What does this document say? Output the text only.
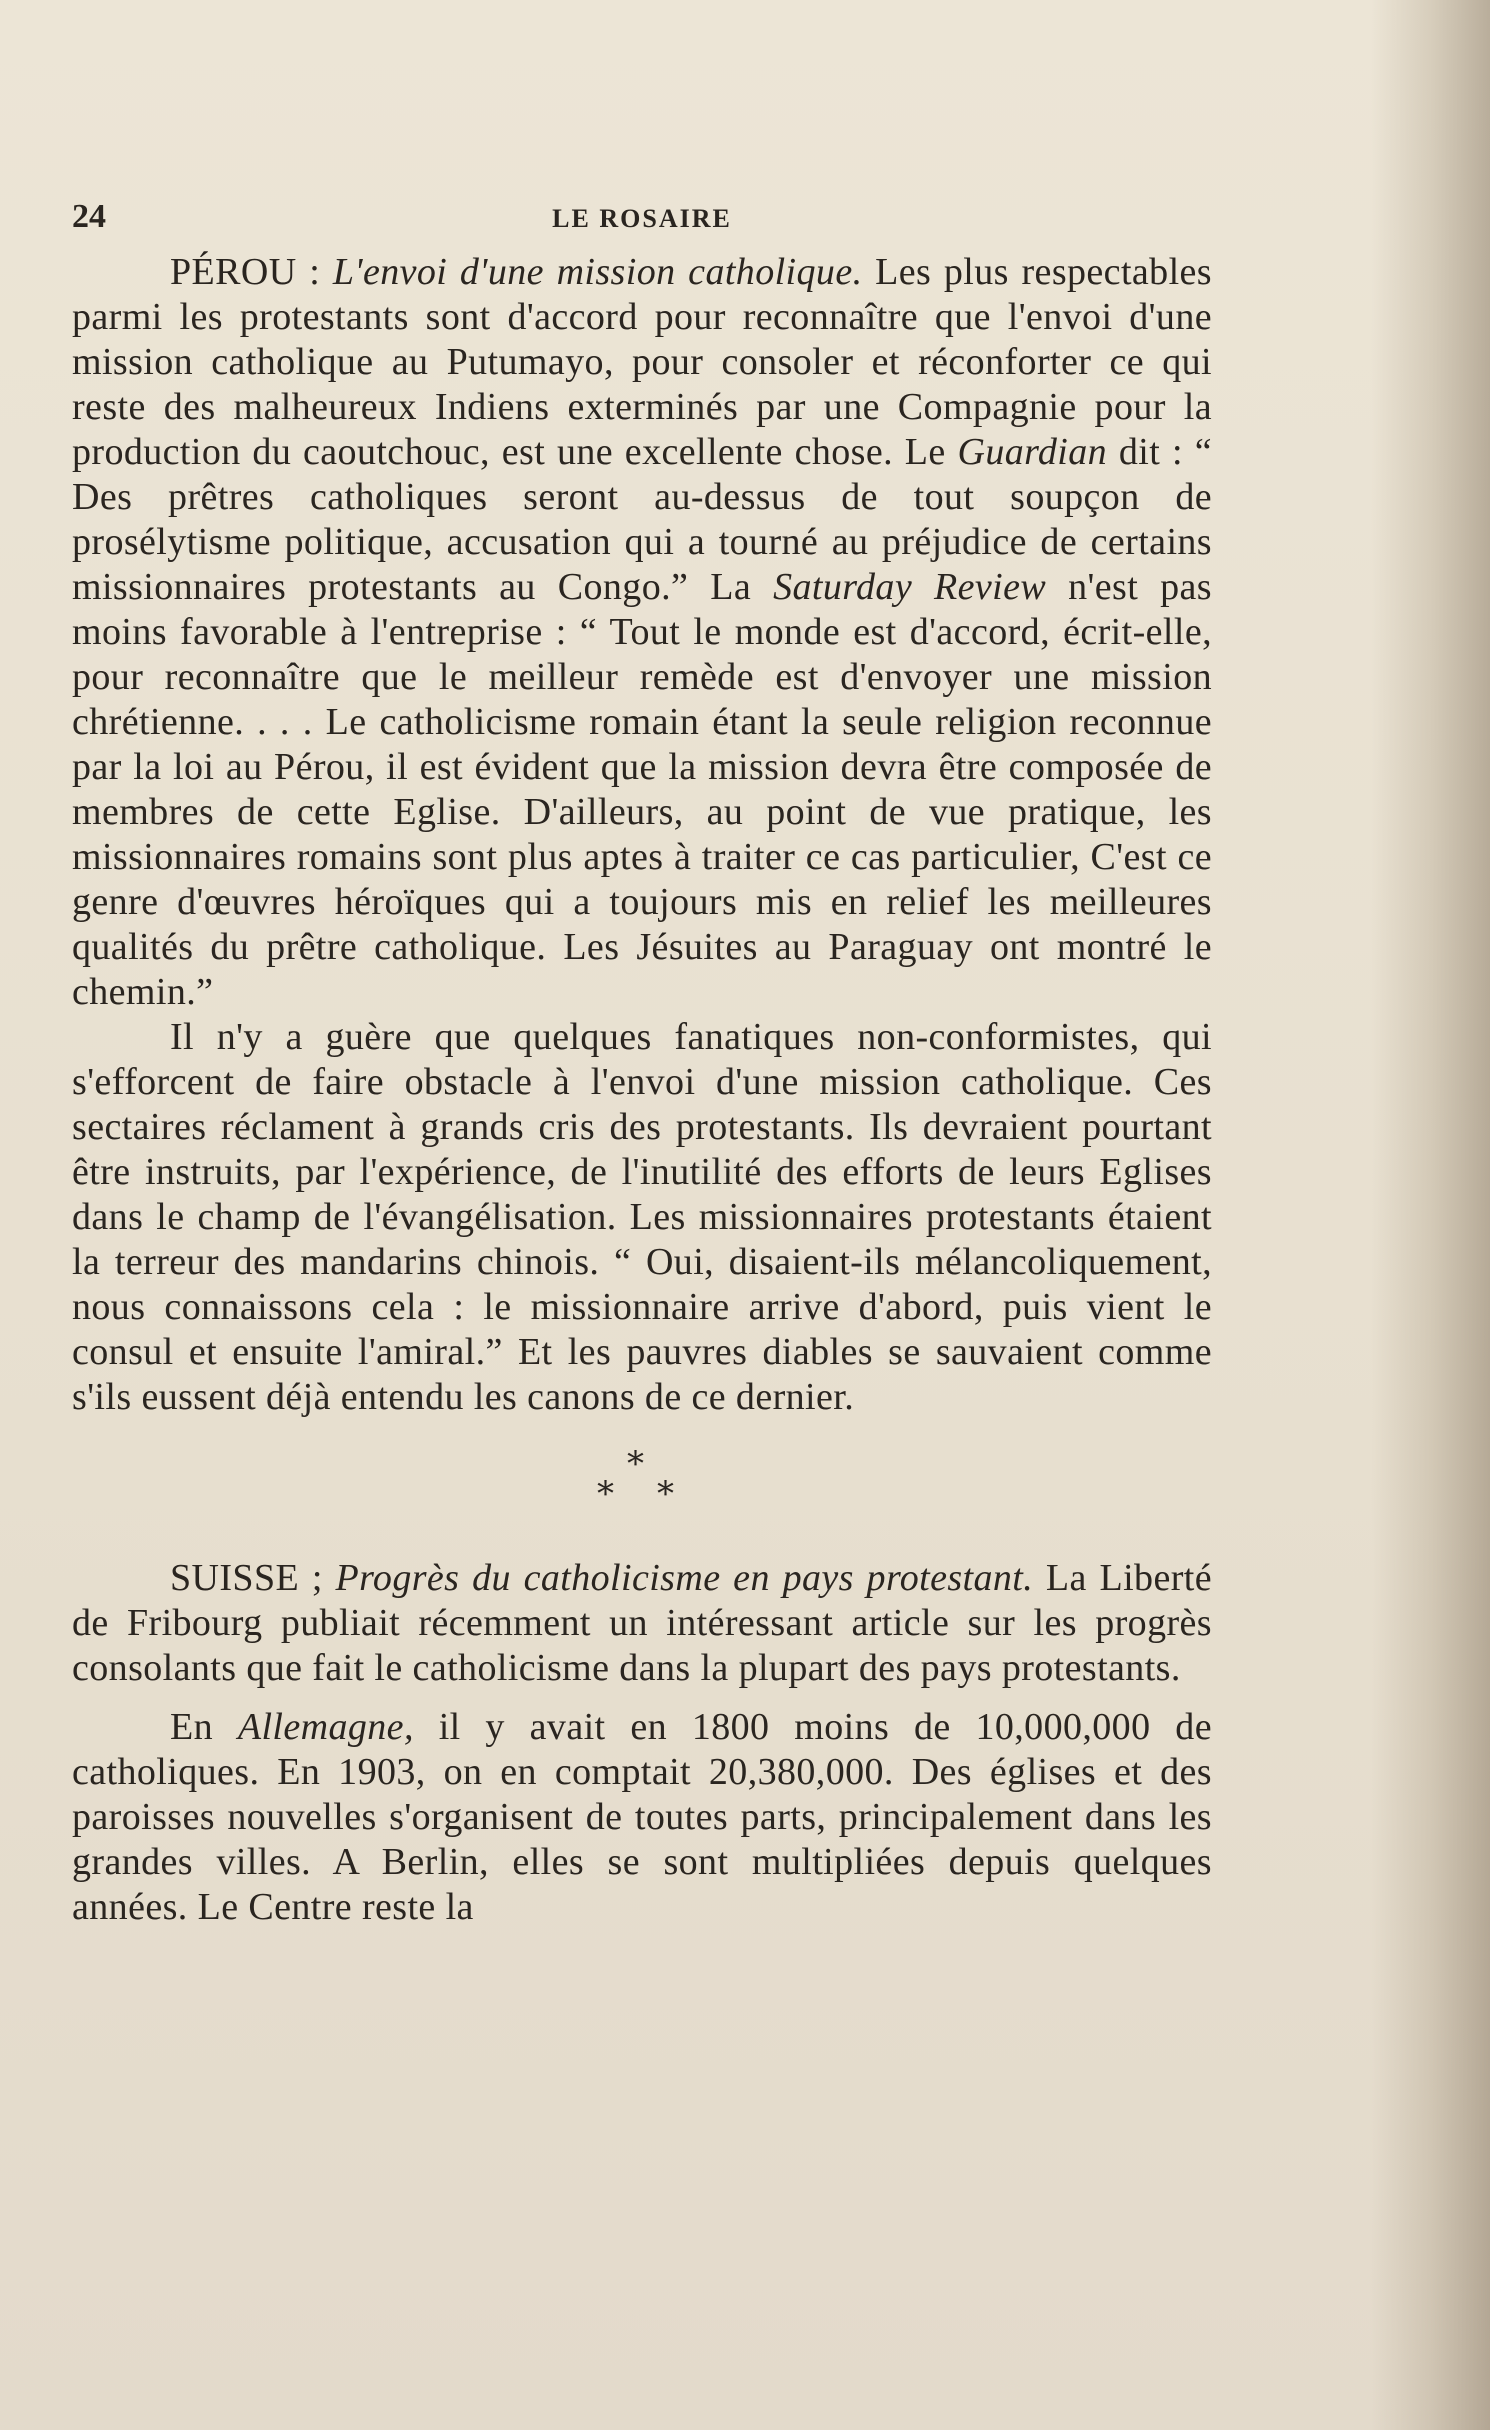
24	LE ROSAIRE

PÉROU : L'envoi d'une mission catholique. Les plus respectables parmi les protestants sont d'accord pour reconnaître que l'envoi d'une mission catholique au Putumayo, pour consoler et réconforter ce qui reste des malheureux Indiens exterminés par une Compagnie pour la production du caoutchouc, est une excellente chose. Le Guardian dit : “ Des prêtres catholiques seront au-dessus de tout soupçon de prosélytisme politique, accusation qui a tourné au préjudice de certains missionnaires protestants au Congo.” La Saturday Review n'est pas moins favorable à l'entreprise : “ Tout le monde est d'accord, écrit-elle, pour reconnaître que le meilleur remède est d'envoyer une mission chrétienne. . . . Le catholicisme romain étant la seule religion reconnue par la loi au Pérou, il est évident que la mission devra être composée de membres de cette Eglise. D'ailleurs, au point de vue pratique, les missionnaires romains sont plus aptes à traiter ce cas particulier, C'est ce genre d'œuvres héroïques qui a toujours mis en relief les meilleures qualités du prêtre catholique. Les Jésuites au Paraguay ont montré le chemin.”

Il n'y a guère que quelques fanatiques non-conformistes, qui s'efforcent de faire obstacle à l'envoi d'une mission catholique. Ces sectaires réclament à grands cris des protestants. Ils devraient pourtant être instruits, par l'expérience, de l'inutilité des efforts de leurs Eglises dans le champ de l'évangélisation. Les missionnaires protestants étaient la terreur des mandarins chinois. “ Oui, disaient-ils mélancoliquement, nous connaissons cela : le missionnaire arrive d'abord, puis vient le consul et ensuite l'amiral.” Et les pauvres diables se sauvaient comme s'ils eussent déjà entendu les canons de ce dernier.

*
* *

SUISSE ; Progrès du catholicisme en pays protestant. La Liberté de Fribourg publiait récemment un intéressant article sur les progrès consolants que fait le catholicisme dans la plupart des pays protestants.

En Allemagne, il y avait en 1800 moins de 10,000,000 de catholiques. En 1903, on en comptait 20,380,000. Des églises et des paroisses nouvelles s'organisent de toutes parts, principalement dans les grandes villes. A Berlin, elles se sont multipliées depuis quelques années. Le Centre reste la
